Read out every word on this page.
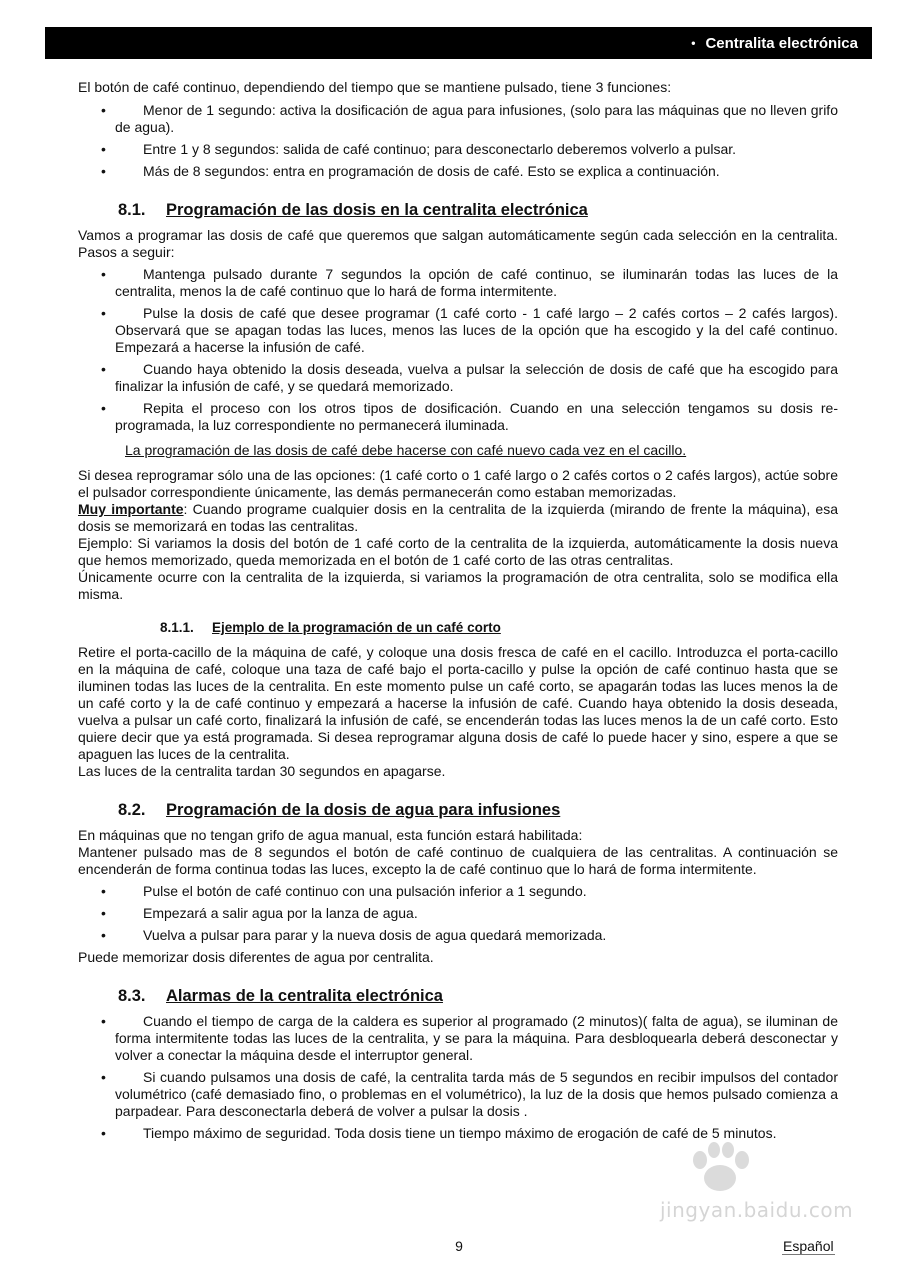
• Centralita electrónica

El botón de café continuo, dependiendo del tiempo que se mantiene pulsado, tiene 3 funciones:

• Menor de 1 segundo: activa la dosificación de agua para infusiones, (solo para las máquinas que no lleven grifo de agua).
• Entre 1 y 8 segundos: salida de café continuo; para desconectarlo deberemos volverlo a pulsar.
• Más de 8 segundos: entra en programación de dosis de café. Esto se explica a continuación.
8.1. Programación de las dosis en la centralita electrónica

Vamos a programar las dosis de café que queremos que salgan automáticamente según cada selección en la centralita. Pasos a seguir:

• Mantenga pulsado durante 7 segundos la opción de café continuo, se iluminarán todas las luces de la centralita, menos la de café continuo que lo hará de forma intermitente.
• Pulse la dosis de café que desee programar (1 café corto - 1 café largo – 2 cafés cortos – 2 cafés largos). Observará que se apagan todas las luces, menos las luces de la opción que ha escogido y la del café continuo. Empezará a hacerse la infusión de café.
• Cuando haya obtenido la dosis deseada, vuelva a pulsar la selección de dosis de café que ha escogido para finalizar la infusión de café, y se quedará memorizado.
• Repita el proceso con los otros tipos de dosificación. Cuando en una selección tengamos su dosis re-programada, la luz correspondiente no permanecerá iluminada.

La programación de las dosis de café debe hacerse con café nuevo cada vez en el cacillo.

Si desea reprogramar sólo una de las opciones: (1 café corto o 1 café largo o 2 cafés cortos o 2 cafés largos), actúe sobre el pulsador correspondiente únicamente, las demás permanecerán como estaban memorizadas.

Muy importante: Cuando programe cualquier dosis en la centralita de la izquierda (mirando de frente la máquina), esa dosis se memorizará en todas las centralitas.

Ejemplo: Si variamos la dosis del botón de 1 café corto de la centralita de la izquierda, automáticamente la dosis nueva que hemos memorizado, queda memorizada en el botón de 1 café corto de las otras centralitas.

Únicamente ocurre con la centralita de la izquierda, si variamos la programación de otra centralita, solo se modifica ella misma.

8.1.1. Ejemplo de la programación de un café corto

Retire el porta-cacillo de la máquina de café, y coloque una dosis fresca de café en el cacillo. Introduzca el porta-cacillo en la máquina de café, coloque una taza de café bajo el porta-cacillo y pulse la opción de café continuo hasta que se iluminen todas las luces de la centralita. En este momento pulse un café corto, se apagarán todas las luces menos la de un café corto y la de café continuo y empezará a hacerse la infusión de café. Cuando haya obtenido la dosis deseada, vuelva a pulsar un café corto, finalizará la infusión de café, se encenderán todas las luces menos la de un café corto. Esto quiere decir que ya está programada. Si desea reprogramar alguna dosis de café lo puede hacer y sino, espere a que se apaguen las luces de la centralita.

Las luces de la centralita tardan 30 segundos en apagarse.

8.2. Programación de la dosis de agua para infusiones

En máquinas que no tengan grifo de agua manual, esta función estará habilitada:

Mantener pulsado mas de 8 segundos el botón de café continuo de cualquiera de las centralitas. A continuación se encenderán de forma continua todas las luces, excepto la de café continuo que lo hará de forma intermitente.

• Pulse el botón de café continuo con una pulsación inferior a 1 segundo.
• Empezará a salir agua por la lanza de agua.
• Vuelva a pulsar para parar y la nueva dosis de agua quedará memorizada.

Puede memorizar dosis diferentes de agua por centralita.

8.3. Alarmas de la centralita electrónica
• Cuando el tiempo de carga de la caldera es superior al programado (2 minutos)( falta de agua), se iluminan de forma intermitente todas las luces de la centralita, y se para la máquina. Para desbloquearla deberá desconectar y volver a conectar la máquina desde el interruptor general.
• Si cuando pulsamos una dosis de café, la centralita tarda más de 5 segundos en recibir impulsos del contador volumétrico (café demasiado fino, o problemas en el volumétrico), la luz de la dosis que hemos pulsado comienza a parpadear. Para desconectarla deberá de volver a pulsar la dosis .
• Tiempo máximo de seguridad. Toda dosis tiene un tiempo máximo de erogación de café de 5 minutos.
jingyan.baidu.com
9	Español
